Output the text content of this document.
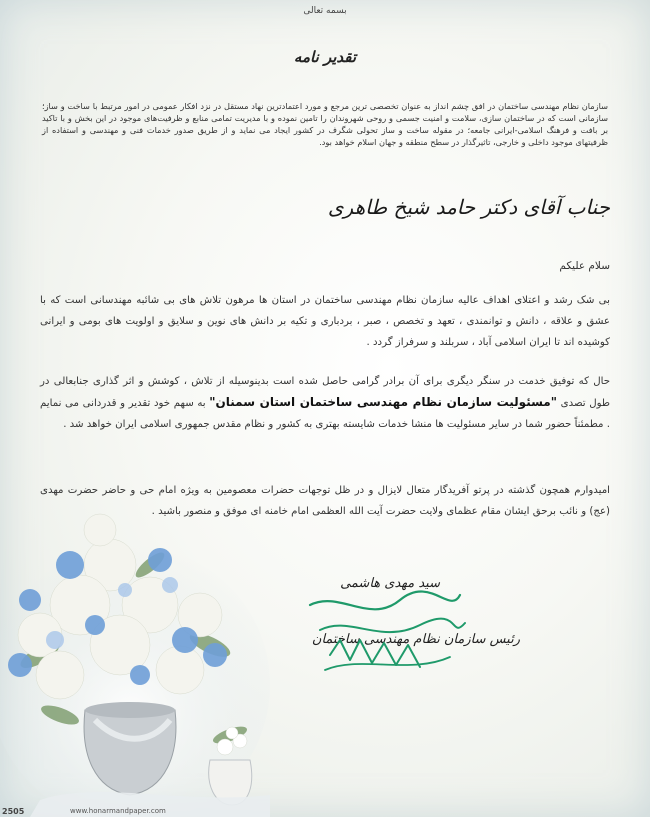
بسمه تعالی
تقدیر نامه
سازمان نظام مهندسی ساختمان در افق چشم انداز به عنوان تخصصی ترین مرجع و مورد اعتمادترین نهاد مستقل در نزد افکار عمومی در امور مرتبط با ساخت و ساز؛ سازمانی است که در ساختمان سازی، سلامت و امنیت جسمی و روحی شهروندان را تامین نموده و با مدیریت تمامی منابع و ظرفیت‌های موجود در این بخش و با تاکید بر بافت و فرهنگ اسلامی-ایرانی جامعه؛ در مقوله ساخت و ساز تحولی شگرف در کشور ایجاد می نماید و از طریق صدور خدمات فنی و مهندسی و استفاده از ظرفیتهای موجود داخلی و خارجی، تاثیرگذار در سطح منطقه و جهان اسلام خواهد بود.
جناب آقای دکتر حامد شیخ طاهری
سلام علیکم
بی شک رشد و اعتلای اهداف عالیه سازمان نظام مهندسی ساختمان در استان ها مرهون تلاش های بی شائبه مهندسانی است که با عشق و علاقه ، دانش و توانمندی ، تعهد و تخصص ، صبر ، بردباری و تکیه بر دانش های نوین و سلایق و اولویت های بومی و ایرانی کوشیده اند تا ایران اسلامی آباد ، سربلند و سرفراز گردد .
حال که توفیق خدمت در سنگر دیگری برای آن برادر گرامی حاصل شده است بدینوسیله از تلاش ، کوشش و اثر گذاری جنابعالی در طول تصدی "مسئولیت سازمان نظام مهندسی ساختمان استان سمنان" به سهم خود تقدیر و قدردانی می نمایم . مطمئناً حضور شما در سایر مسئولیت ها منشا خدمات شایسته بهتری به کشور و نظام مقدس جمهوری اسلامی ایران خواهد شد .
امیدوارم همچون گذشته در پرتو آفریدگار متعال لایزال و در ظل توجهات حضرات معصومین به ویژه امام حی و حاضر حضرت مهدی (عج) و نائب برحق ایشان مقام عظمای ولایت حضرت آیت الله العظمی امام خامنه ای موفق و منصور باشید .
سید مهدی هاشمی
رئیس سازمان نظام مهندسی ساختمان
2505	www.honarmandpaper.com
